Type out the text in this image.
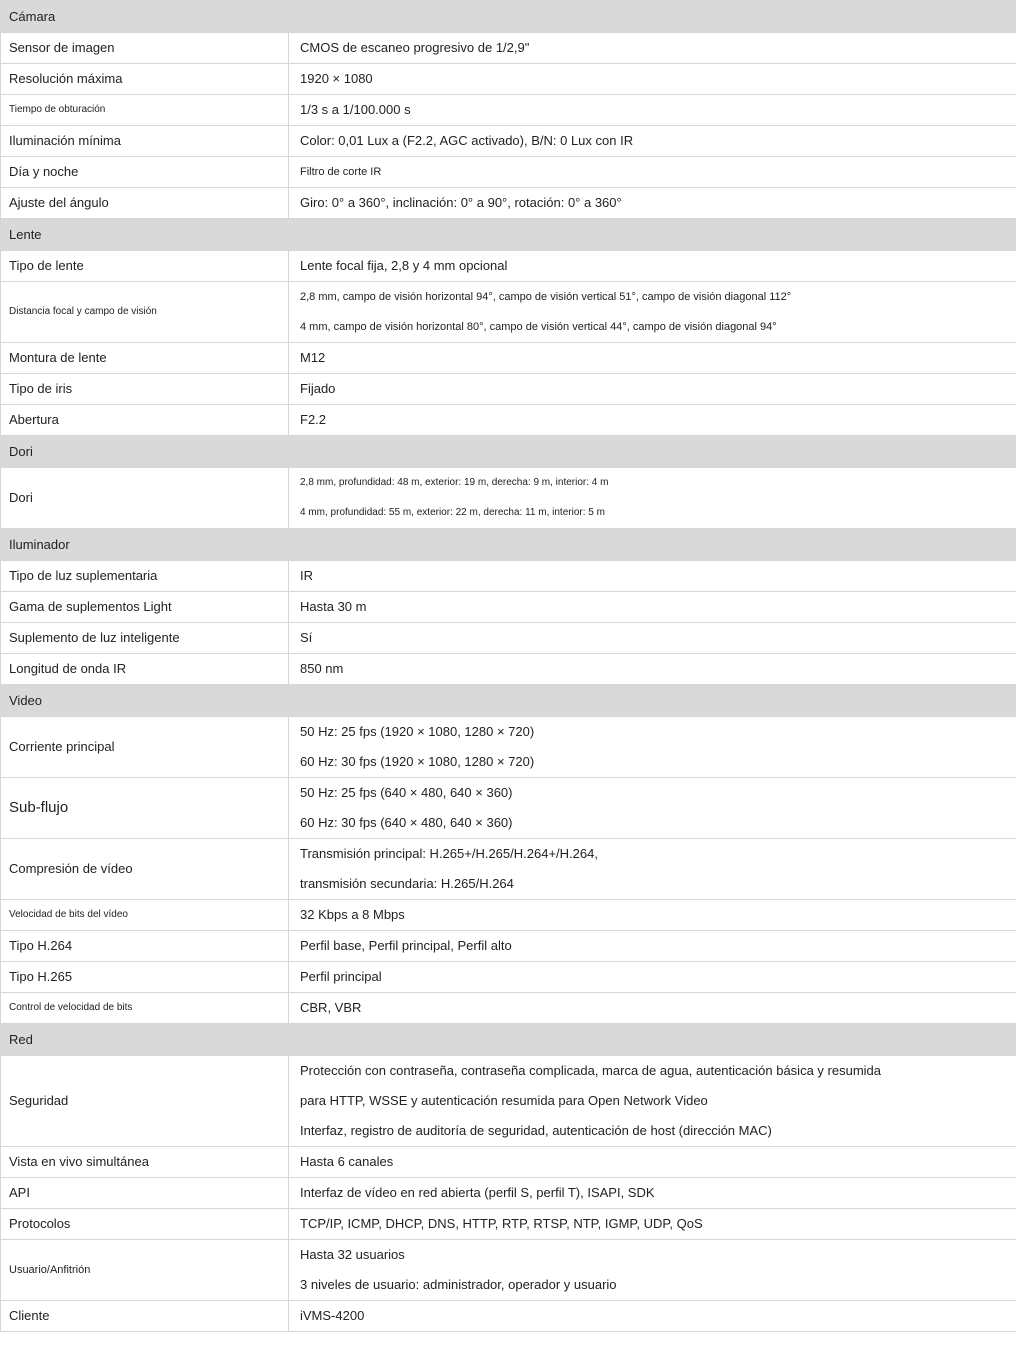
Cámara	
Sensor de imagen	CMOS de escaneo progresivo de 1/2,9"

Resolución máxima	1920 × 1080

Tiempo de obturación	1/3 s a 1/100.000 s

Iluminación mínima	Color: 0,01 Lux a (F2.2, AGC activado), B/N: 0 Lux con IR

Día y noche	Filtro de corte IR

Ajuste del ángulo	Giro: 0° a 360°, inclinación: 0° a 90°, rotación: 0° a 360°

Lente	
Tipo de lente	Lente focal fija, 2,8 y 4 mm opcional

Distancia focal y campo de visión	2,8 mm, campo de visión horizontal 94°, campo de visión vertical 51°, campo de visión diagonal 112°
4 mm, campo de visión horizontal 80°, campo de visión vertical 44°, campo de visión diagonal 94°

Montura de lente	M12

Tipo de iris	Fijado

Abertura	F2.2

Dori	
Dori	2,8 mm, profundidad: 48 m, exterior: 19 m, derecha: 9 m, interior: 4 m
4 mm, profundidad: 55 m, exterior: 22 m, derecha: 11 m, interior: 5 m

Iluminador	
Tipo de luz suplementaria	IR

Gama de suplementos Light	Hasta 30 m

Suplemento de luz inteligente	Sí

Longitud de onda IR	850 nm

Video	
Corriente principal	50 Hz: 25 fps (1920 × 1080, 1280 × 720)
60 Hz: 30 fps (1920 × 1080, 1280 × 720)

Sub-flujo	50 Hz: 25 fps (640 × 480, 640 × 360)
60 Hz: 30 fps (640 × 480, 640 × 360)

Compresión de vídeo	Transmisión principal: H.265+/H.265/H.264+/H.264,
transmisión secundaria: H.265/H.264

Velocidad de bits del vídeo	32 Kbps a 8 Mbps

Tipo H.264	Perfil base, Perfil principal, Perfil alto

Tipo H.265	Perfil principal

Control de velocidad de bits	CBR, VBR

Red	
Seguridad	Protección con contraseña, contraseña complicada, marca de agua, autenticación básica y resumida
para HTTP, WSSE y autenticación resumida para Open Network Video
Interfaz, registro de auditoría de seguridad, autenticación de host (dirección MAC)

Vista en vivo simultánea	Hasta 6 canales

API	Interfaz de vídeo en red abierta (perfil S, perfil T), ISAPI, SDK

Protocolos	TCP/IP, ICMP, DHCP, DNS, HTTP, RTP, RTSP, NTP, IGMP, UDP, QoS

Usuario/Anfitrión	Hasta 32 usuarios
3 niveles de usuario: administrador, operador y usuario

Cliente	iVMS-4200
